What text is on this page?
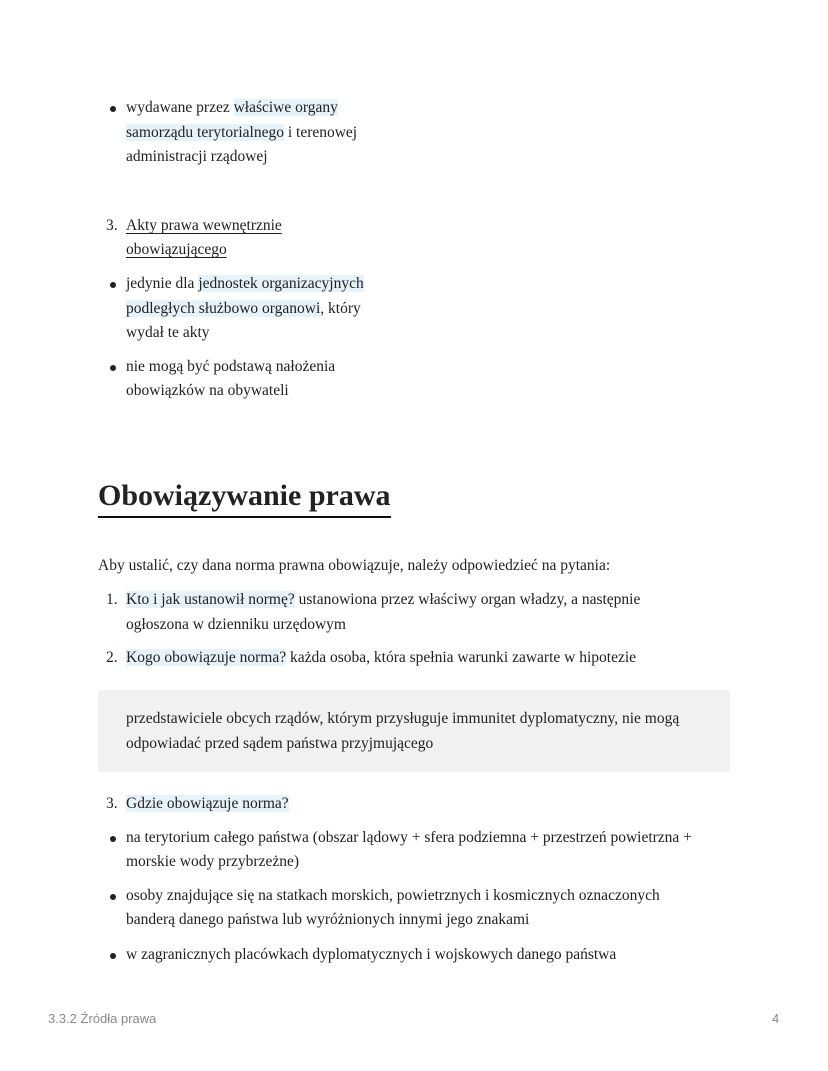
wydawane przez właściwe organy
samorządu terytorialnego i terenowej
administracji rządowej
3. Akty prawa wewnętrznie
obowiązującego
jedynie dla jednostek organizacyjnych
podległych służbowo organowi, który
wydał te akty
nie mogą być podstawą nałożenia
obowiązków na obywateli
Obowiązywanie prawa
Aby ustalić, czy dana norma prawna obowiązuje, należy odpowiedzieć na pytania:
1. Kto i jak ustanowił normę? ustanowiona przez właściwy organ władzy, a następnie
ogłoszona w dzienniku urzędowym
2. Kogo obowiązuje norma? każda osoba, która spełnia warunki zawarte w hipotezie
przedstawiciele obcych rządów, którym przysługuje immunitet dyplomatyczny, nie mogą
odpowiadać przed sądem państwa przyjmującego
3. Gdzie obowiązuje norma?
na terytorium całego państwa (obszar lądowy + sfera podziemna + przestrzeń powietrzna +
morskie wody przybrzeżne)
osoby znajdujące się na statkach morskich, powietrznych i kosmicznych oznaczonych
banderą danego państwa lub wyróżnionych innymi jego znakami
w zagranicznych placówkach dyplomatycznych i wojskowych danego państwa
3.3.2 Źródła prawa	4
